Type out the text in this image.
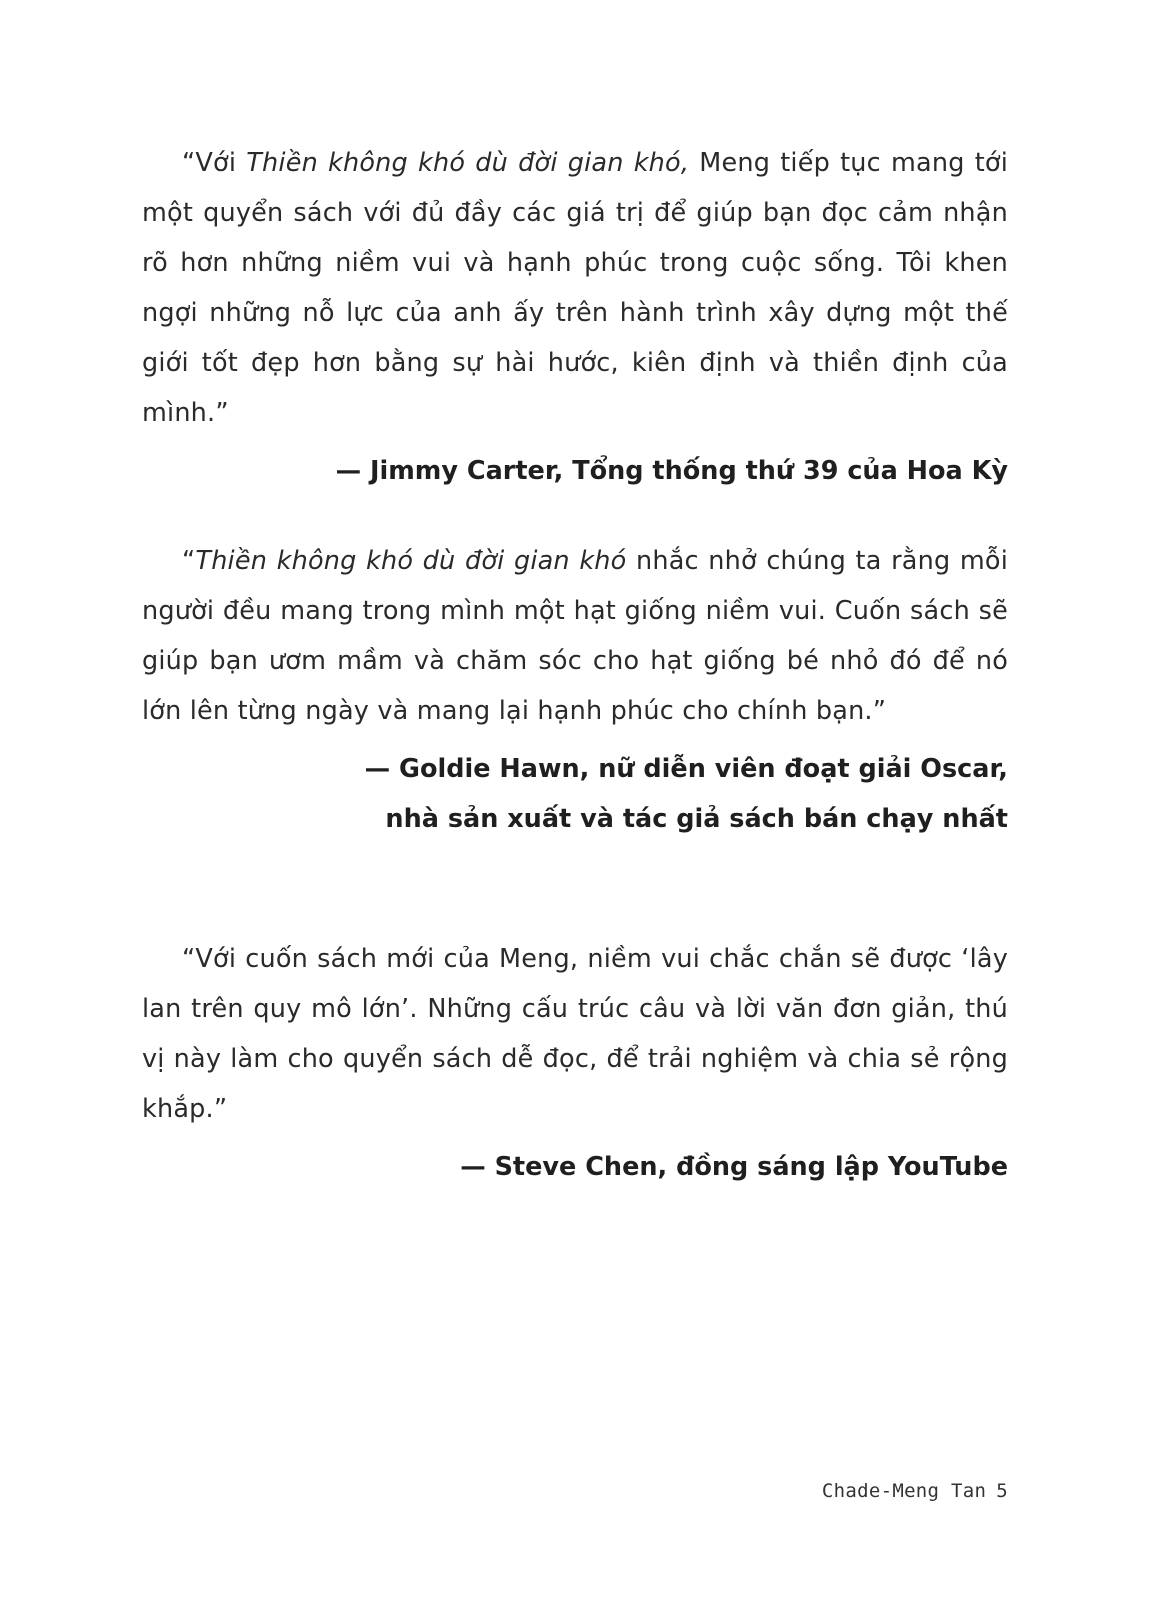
“Với Thiền không khó dù đời gian khó, Meng tiếp tục mang tới một quyển sách với đủ đầy các giá trị để giúp bạn đọc cảm nhận rõ hơn những niềm vui và hạnh phúc trong cuộc sống. Tôi khen ngợi những nỗ lực của anh ấy trên hành trình xây dựng một thế giới tốt đẹp hơn bằng sự hài hước, kiên định và thiền định của mình.”

— Jimmy Carter, Tổng thống thứ 39 của Hoa Kỳ

“Thiền không khó dù đời gian khó nhắc nhở chúng ta rằng mỗi người đều mang trong mình một hạt giống niềm vui. Cuốn sách sẽ giúp bạn ươm mầm và chăm sóc cho hạt giống bé nhỏ đó để nó lớn lên từng ngày và mang lại hạnh phúc cho chính bạn.”

— Goldie Hawn, nữ diễn viên đoạt giải Oscar,
nhà sản xuất và tác giả sách bán chạy nhất

“Với cuốn sách mới của Meng, niềm vui chắc chắn sẽ được ‘lây lan trên quy mô lớn’. Những cấu trúc câu và lời văn đơn giản, thú vị này làm cho quyển sách dễ đọc, để trải nghiệm và chia sẻ rộng khắp.”

— Steve Chen, đồng sáng lập YouTube

Chade-Meng Tan 5
